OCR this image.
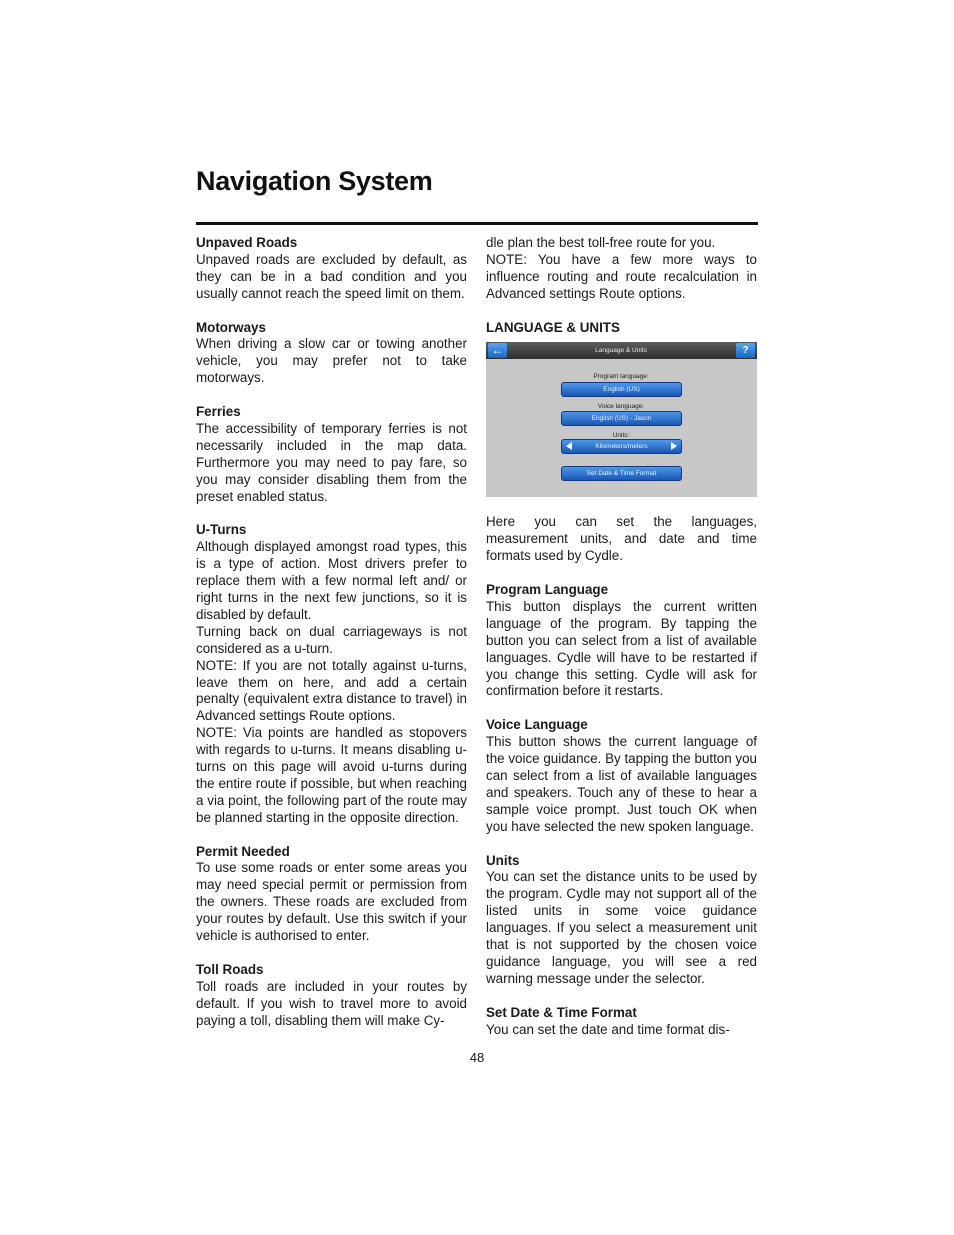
Navigation System
Unpaved Roads

Unpaved roads are excluded by default, as they can be in a bad condition and you usually cannot reach the speed limit on them.

Motorways

When driving a slow car or towing another vehicle, you may prefer not to take motorways.

Ferries

The accessibility of temporary ferries is not necessarily included in the map data. Furthermore you may need to pay fare, so you may consider disabling them from the preset enabled status.

U-Turns

Although displayed amongst road types, this is a type of action. Most drivers prefer to replace them with a few normal left and/ or right turns in the next few junctions, so it is disabled by default.

Turning back on dual carriageways is not considered as a u-turn.

NOTE: If you are not totally against u-turns, leave them on here, and add a certain penalty (equivalent extra distance to travel) in Advanced settings Route options.

NOTE: Via points are handled as stopovers with regards to u-turns. It means disabling u-turns on this page will avoid u-turns during the entire route if possible, but when reaching a via point, the following part of the route may be planned starting in the opposite direction.

Permit Needed

To use some roads or enter some areas you may need special permit or permission from the owners. These roads are excluded from your routes by default. Use this switch if your vehicle is authorised to enter.

Toll Roads

Toll roads are included in your routes by default. If you wish to travel more to avoid paying a toll, disabling them will make Cy-

dle plan the best toll-free route for you.

NOTE: You have a few more ways to influence routing and route recalculation in Advanced settings Route options.

LANGUAGE & UNITS
←	Language & Units	?
Program language:
English (US)
Voice language:
English (US) - Jason
Units:
Kilometers/meters
Set Date & Time Format

Here you can set the languages, measurement units, and date and time formats used by Cydle.

Program Language

This button displays the current written language of the program. By tapping the button you can select from a list of available languages. Cydle will have to be restarted if you change this setting. Cydle will ask for confirmation before it restarts.

Voice Language

This button shows the current language of the voice guidance. By tapping the button you can select from a list of available languages and speakers. Touch any of these to hear a sample voice prompt. Just touch OK when you have selected the new spoken language.

Units

You can set the distance units to be used by the program. Cydle may not support all of the listed units in some voice guidance languages. If you select a measurement unit that is not supported by the chosen voice guidance language, you will see a red warning message under the selector.

Set Date & Time Format

You can set the date and time format dis-

48
